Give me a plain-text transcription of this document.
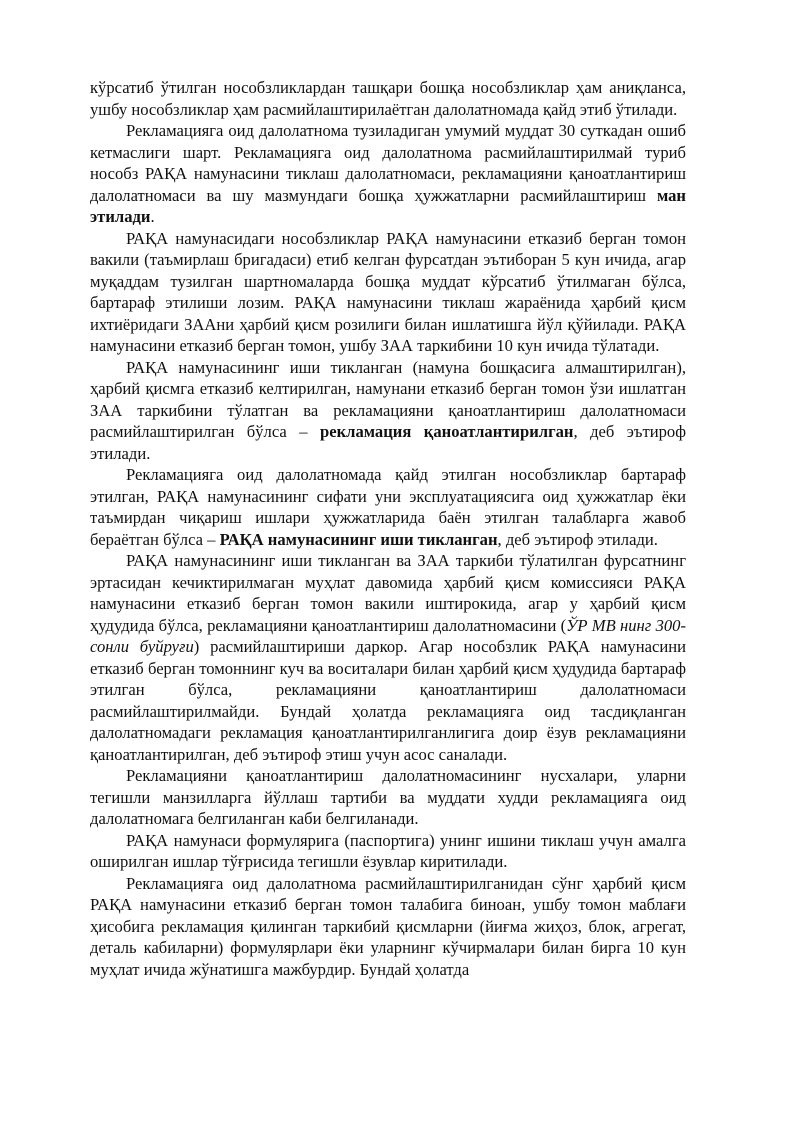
кўрсатиб ўтилган нособзликлардан ташқари бошқа нособзликлар ҳам аниқланса, ушбу нособзликлар ҳам расмийлаштирилаётган далолатномада қайд этиб ўтилади.

Рекламацияга оид далолатнома тузиладиган умумий муддат 30 суткадан ошиб кетмаслиги шарт. Рекламацияга оид далолатнома расмийлаштирилмай туриб нособз РАҚА намунасини тиклаш далолатномаси, рекламацияни қаноатлантириш далолатномаси ва шу мазмундаги бошқа ҳужжатларни расмийлаштириш ман этилади.

РАҚА намунасидаги нособзликлар РАҚА намунасини етказиб берган томон вакили (таъмирлаш бригадаси) етиб келган фурсатдан эътиборан 5 кун ичида, агар муқаддам тузилган шартномаларда бошқа муддат кўрсатиб ўтилмаган бўлса, бартараф этилиши лозим. РАҚА намунасини тиклаш жараёнида ҳарбий қисм ихтиёридаги ЗААни ҳарбий қисм розилиги билан ишлатишга йўл қўйилади. РАҚА намунасини етказиб берган томон, ушбу ЗАА таркибини 10 кун ичида тўлатади.

РАҚА намунасининг иши тикланган (намуна бошқасига алмаштирилган), ҳарбий қисмга етказиб келтирилган, намунани етказиб берган томон ўзи ишлатган ЗАА таркибини тўлатган ва рекламацияни қаноатлантириш далолатномаси расмийлаштирилган бўлса – рекламация қаноатлантирилган, деб эътироф этилади.

Рекламацияга оид далолатномада қайд этилган нособзликлар бартараф этилган, РАҚА намунасининг сифати уни эксплуатациясига оид ҳужжатлар ёки таъмирдан чиқариш ишлари ҳужжатларида баён этилган талабларга жавоб бераётган бўлса – РАҚА намунасининг иши тикланган, деб эътироф этилади.

РАҚА намунасининг иши тикланган ва ЗАА таркиби тўлатилган фурсатнинг эртасидан кечиктирилмаган муҳлат давомида ҳарбий қисм комиссияси РАҚА намунасини етказиб берган томон вакили иштирокида, агар у ҳарбий қисм ҳудудида бўлса, рекламацияни қаноатлантириш далолатномасини (ЎР МВ нинг 300-сонли буйруғи) расмийлаштириши даркор. Агар нособзлик РАҚА намунасини етказиб берган томоннинг куч ва воситалари билан ҳарбий қисм ҳудудида бартараф этилган бўлса, рекламацияни қаноатлантириш далолатномаси расмийлаштирилмайди. Бундай ҳолатда рекламацияга оид тасдиқланган далолатномадаги рекламация қаноатлантирилганлигига доир ёзув рекламацияни қаноатлантирилган, деб эътироф этиш учун асос саналади.

Рекламацияни қаноатлантириш далолатномасининг нусхалари, уларни тегишли манзилларга йўллаш тартиби ва муддати худди рекламацияга оид далолатномага белгиланган каби белгиланади.

РАҚА намунаси формулярига (паспортига) унинг ишини тиклаш учун амалга оширилган ишлар тўғрисида тегишли ёзувлар киритилади.

Рекламацияга оид далолатнома расмийлаштирилганидан сўнг ҳарбий қисм РАҚА намунасини етказиб берган томон талабига биноан, ушбу томон маблағи ҳисобига рекламация қилинган таркибий қисмларни (йиғма жиҳоз, блок, агрегат, деталь кабиларни) формулярлари ёки уларнинг кўчирмалари билан бирга 10 кун муҳлат ичида жўнатишга мажбурдир. Бундай ҳолатда
